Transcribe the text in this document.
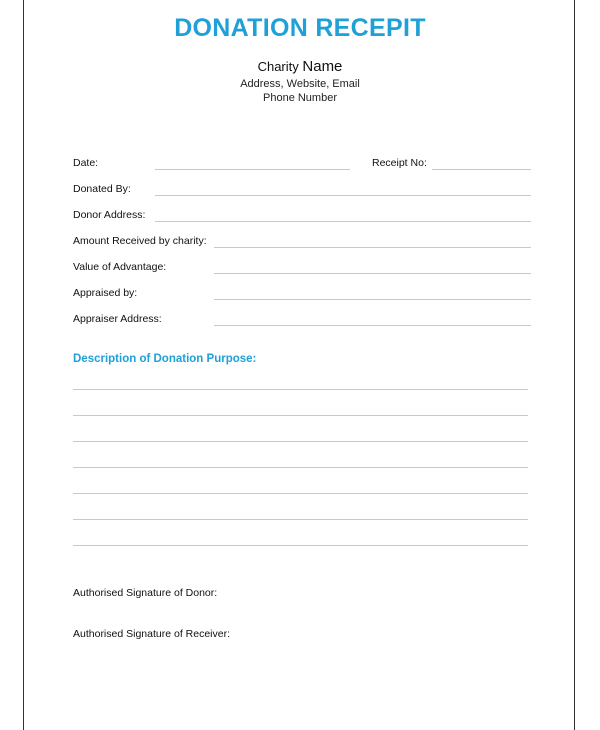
DONATION RECEPIT
Charity Name
Address, Website, Email
Phone Number
Date:	Receipt No:
Donated By:
Donor Address:
Amount Received by charity:
Value of Advantage:
Appraised by:
Appraiser Address:
Description of Donation Purpose:
Authorised Signature of Donor:
Authorised Signature of Receiver:
